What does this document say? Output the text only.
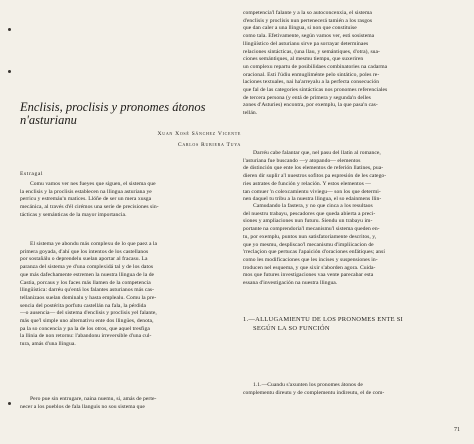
Enclisis, proclisis y pronomes átonos
n'asturianu
Xuan Xosé Sánchez Vicente
Carlos Rubiera Tuya
Estragal

Comu vamos ver nes fueyes que siguen, el sistema que
la enclisis y la proclisis establecen na llingua asturiana ye
perricu y estremáu'n matices. Llóñe de ser un mera xusga
mecánica, al través d'él cirémos una serie de precisiones sin-
tácticas y semánticas de la mayor importancia.

El sistema ye abondu más complexu de lo que paez a la
primera goyada, d'ahí que los intentos de los castellanos
por sostañálu o deprendelu suelan aportar al fracasu. La
paranza del sistema ye d'una complexidá tal y de los datos
que más dafechamente estremen la nuestra llingua de la de
Castia, porcaus y los faces más llamen de la competencia
llingüística: darréu qu'entá los falantes asturianos más cas-
tellanizaos suelan dominalu y hasta emplealu. Comu la pre-
sencia del postérita porfutu castellán na fala, la pérdida
—o ausencia— del sistema d'enclisis y proclisis yel falante,
más que'l simple uno alternativu ente dos llingües, denota,
pa la so concencia y pa la de los otros, que aquel tresfiga
la llinia de non retornu: l'abandonu irreversible d'una cul-
tura, amás d'una llingua.

Pero pue sin entrugare, naina nuemu, si, amás de perte-
necer a los pueblos de fala llanguis no sou sistema que

competencia'l falante y a la so autoconcenxia, el sistema
d'enclisis y proclisis nun pertenecerá tamién a los rasgos
que dan caler a una llingua, si non que constituise
como tala. Efetivamente, según vamos ver, esti sosistema
llingüístico del asturianu sirve pa sorrayar determinaes
relaciones sintácticas, (una llau, y semántiques, d'otra), sua-
ciones semántiques, al mesmu tiempu, que suxeriren
un complexu repartu de posibilidaes combinatories na cadarma
oracional. Esti l'údiu enmugliménte pelo sintático, poles re-
laciones textuales, nai ha'arreyalu a la perfecta consecución
que fal de las categories sintácticas nos pronomes referenciales
de tercera persona (y entá de primera y segunda'n delles
zones d'Asturies) encontra, por exemplu, la que pasa'n cas-
tellán.

Darréu cabe falantar que, nel pasu del llatín al romance,
l'asturiana fue buscando —y atopando— elementos
de distinción que ente los elementos de referión llatines, pua-
dieren dir suplir a'l nuestros sofitos pa espresión de les catego-
ries astrates de función y relación. Y estos elementos —
tan comuer 'n colexcamientu viviegu— son los que determi-
nen daquel tu tribu a la nuestra llingua, el so edainmens llin-

Camudando la fastera, y no que cinca a los resultaos
del nuestru trabayu, pescadores que queda abierta a preci-
siones y ampliaciones nun futuru. Siendu un trabayu im-
portante na comprendoria'l mecanismu'l sistema queden en-
tu, por exemplu, puntos nun satisfatoriamente descritos, y,
que yo mesmu, despliscao'l mecanismu d'impliicacion de
'rreclaçion que pertucas l'apaición d'oraciones enfátiques; ansí
como les modificaciones que les incises y suspensiones in-
troducen nel esquema, y que sixir s'aborden agora. Cuida-
mos que futures investigaciones vaa vente parecabar esta
essana d'investigación na nuestra llingua.

1.—ALLUGAMIENTU DE LOS PRONOMES ENTE SI
SEGÚN LA SO FUNCIÓN

1.1.—Cuandu s'axunten los pronomes átonos de
complementu direutu y de complementu indireutu, el de com-

71
